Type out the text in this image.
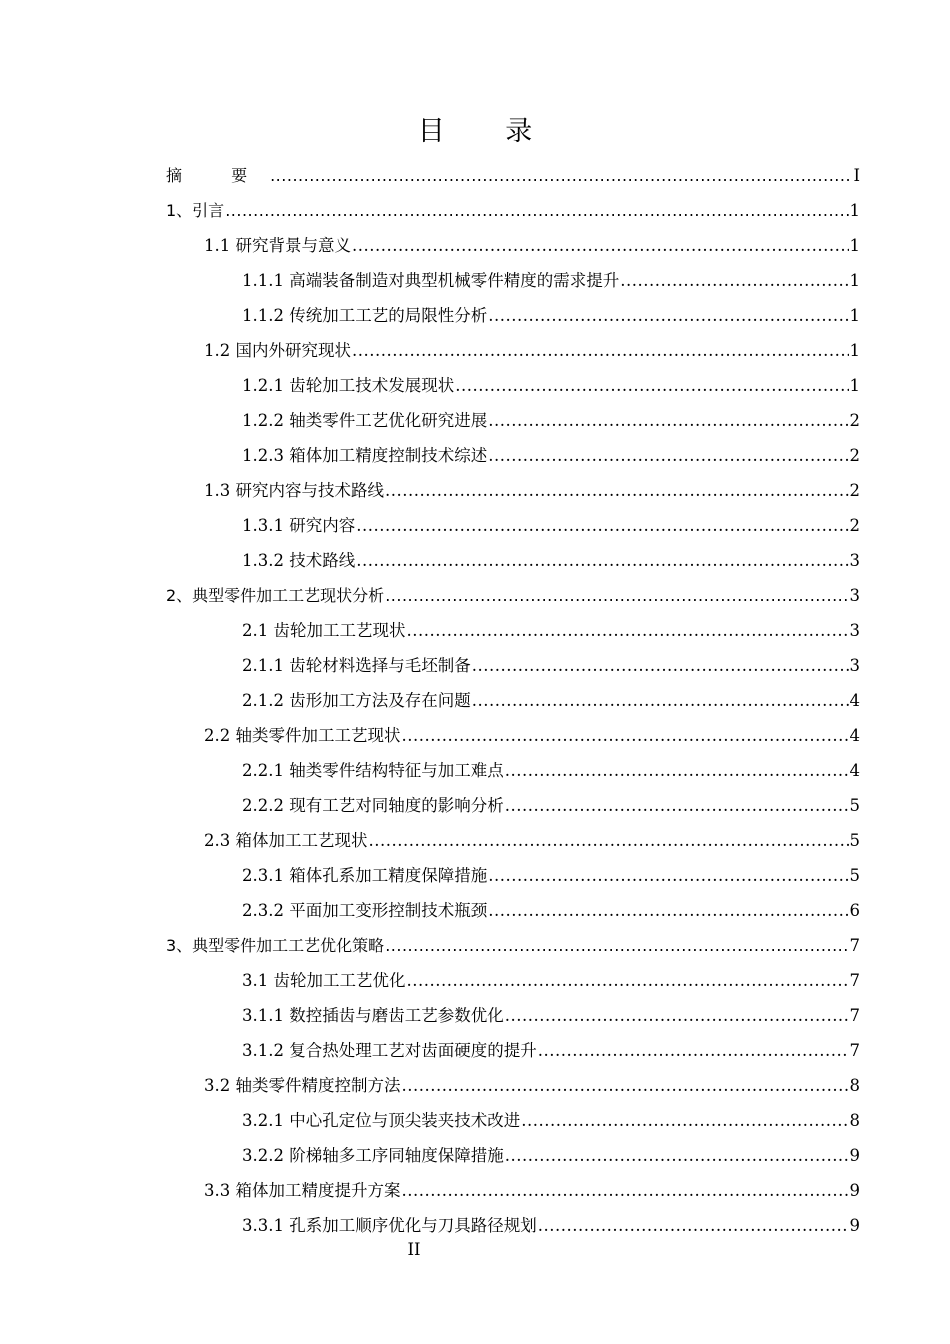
目 录
摘 要 .....	I
1、引言 .....	1
1.1 研究背景与意义 .....	1
1.1.1 高端装备制造对典型机械零件精度的需求提升 .....	1
1.1.2 传统加工工艺的局限性分析 .....	1
1.2 国内外研究现状 .....	1
1.2.1 齿轮加工技术发展现状 .....	1
1.2.2 轴类零件工艺优化研究进展 .....	2
1.2.3 箱体加工精度控制技术综述 .....	2
1.3 研究内容与技术路线 .....	2
1.3.1 研究内容 .....	2
1.3.2 技术路线 .....	3
2、典型零件加工工艺现状分析 .....	3
2.1 齿轮加工工艺现状 .....	3
2.1.1 齿轮材料选择与毛坯制备 .....	3
2.1.2 齿形加工方法及存在问题 .....	4
2.2 轴类零件加工工艺现状 .....	4
2.2.1 轴类零件结构特征与加工难点 .....	4
2.2.2 现有工艺对同轴度的影响分析 .....	5
2.3 箱体加工工艺现状 .....	5
2.3.1 箱体孔系加工精度保障措施 .....	5
2.3.2 平面加工变形控制技术瓶颈 .....	6
3、典型零件加工工艺优化策略 .....	7
3.1 齿轮加工工艺优化 .....	7
3.1.1 数控插齿与磨齿工艺参数优化 .....	7
3.1.2 复合热处理工艺对齿面硬度的提升 .....	7
3.2 轴类零件精度控制方法 .....	8
3.2.1 中心孔定位与顶尖装夹技术改进 .....	8
3.2.2 阶梯轴多工序同轴度保障措施 .....	9
3.3 箱体加工精度提升方案 .....	9
3.3.1 孔系加工顺序优化与刀具路径规划 .....	9
II
